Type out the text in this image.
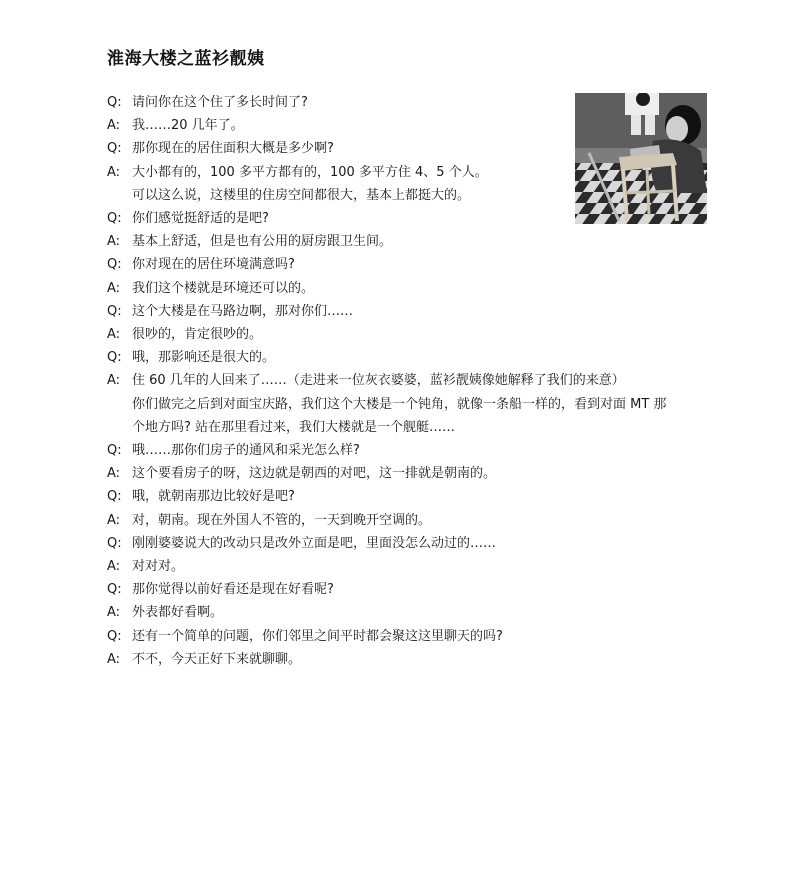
淮海大楼之蓝衫靓姨
Q: 请问你在这个住了多长时间了?
A: 我……20 几年了。
Q: 那你现在的居住面积大概是多少啊?
A: 大小都有的，100 多平方都有的，100 多平方住 4、5 个人。
可以这么说，这楼里的住房空间都很大，基本上都挺大的。
Q: 你们感觉挺舒适的是吧?
A: 基本上舒适，但是也有公用的厨房跟卫生间。
Q: 你对现在的居住环境满意吗?
A: 我们这个楼就是环境还可以的。
Q: 这个大楼是在马路边啊，那对你们……
A: 很吵的，肯定很吵的。
Q: 哦，那影响还是很大的。
A: 住 60 几年的人回来了……（走进来一位灰衣婆婆，蓝衫靓姨像她解释了我们的来意）
你们做完之后到对面宝庆路，我们这个大楼是一个钝角，就像一条船一样的，看到对面 MT 那
个地方吗? 站在那里看过来，我们大楼就是一个舰艇……
Q: 哦……那你们房子的通风和采光怎么样?
A: 这个要看房子的呀，这边就是朝西的对吧，这一排就是朝南的。
Q: 哦，就朝南那边比较好是吧?
A: 对，朝南。现在外国人不管的，一天到晚开空调的。
Q: 刚刚婆婆说大的改动只是改外立面是吧，里面没怎么动过的……
A: 对对对。
Q: 那你觉得以前好看还是现在好看呢?
A: 外表都好看啊。
Q: 还有一个简单的问题，你们邻里之间平时都会聚这这里聊天的吗?
A: 不不，今天正好下来就聊聊。
